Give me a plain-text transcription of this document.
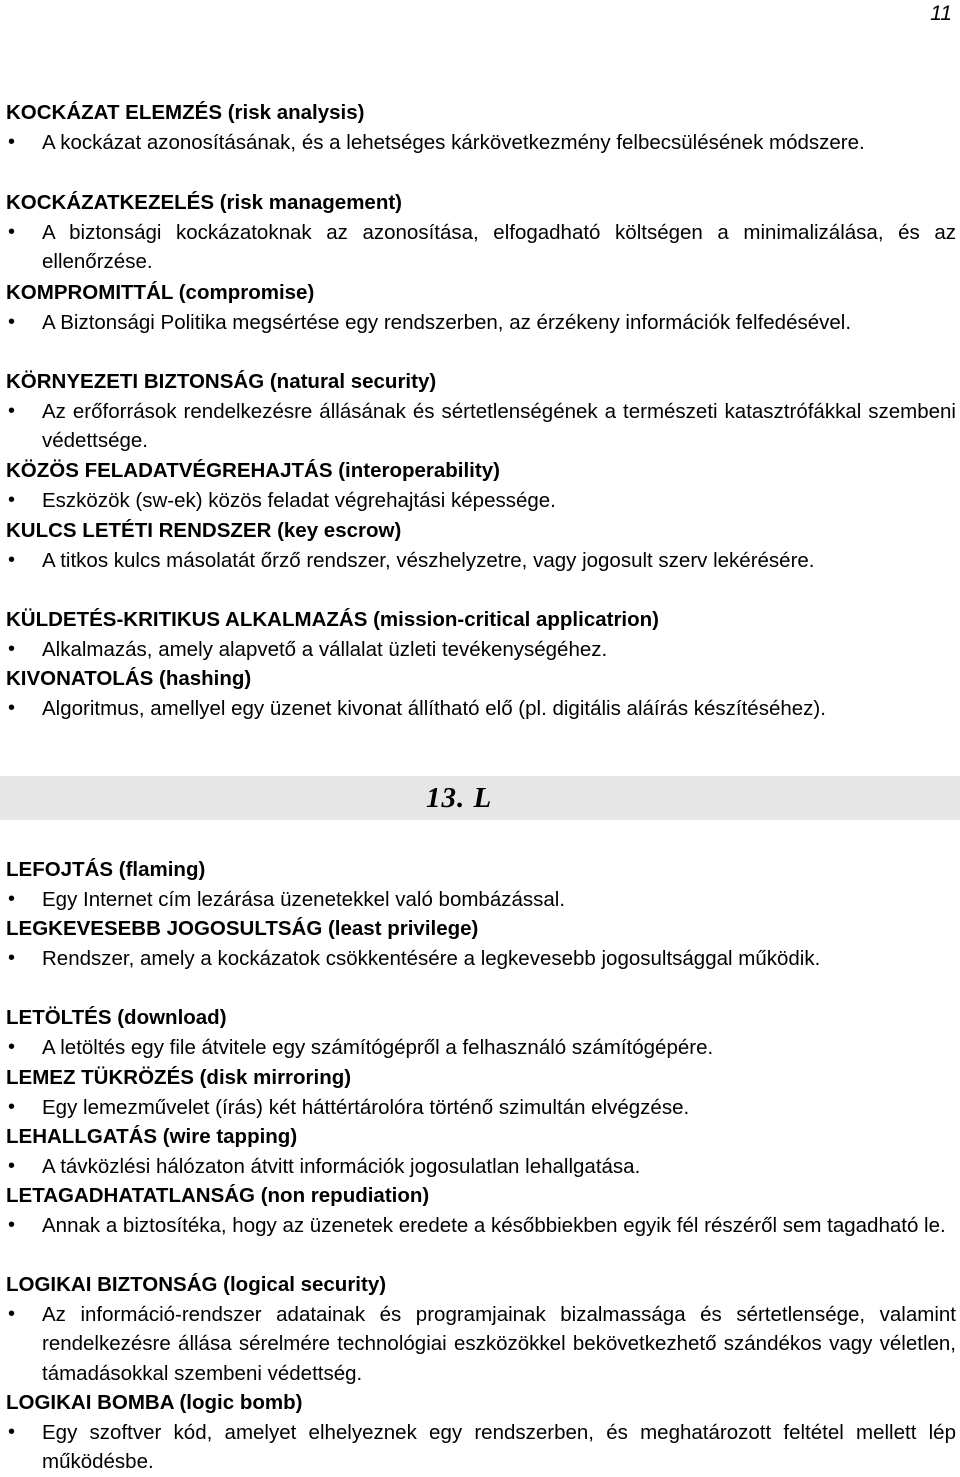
11
KOCKÁZAT ELEMZÉS (risk analysis)
• A kockázat azonosításának, és a lehetséges kárkövetkezmény felbecsülésének módszere.
KOCKÁZATKEZELÉS (risk management)
• A biztonsági kockázatoknak az azonosítása, elfogadható költségen a minimalizálása, és az ellenőrzése.
KOMPROMITTÁL (compromise)
• A Biztonsági Politika megsértése egy rendszerben, az érzékeny információk felfedésével.
KÖRNYEZETI BIZTONSÁG (natural security)
• Az erőforrások rendelkezésre állásának és sértetlenségének a természeti katasztrófákkal szembeni védettsége.
KÖZÖS FELADATVÉGREHAJTÁS (interoperability)
• Eszközök (sw-ek) közös feladat végrehajtási képessége.
KULCS LETÉTI RENDSZER (key escrow)
• A titkos kulcs másolatát őrző rendszer, vészhelyzetre, vagy jogosult szerv lekérésére.
KÜLDETÉS-KRITIKUS ALKALMAZÁS (mission-critical applicatrion)
• Alkalmazás, amely alapvető a vállalat üzleti tevékenységéhez.
KIVONATOLÁS (hashing)
• Algoritmus, amellyel egy üzenet kivonat állítható elő (pl. digitális aláírás készítéséhez).
13. L
LEFOJTÁS (flaming)
• Egy Internet cím lezárása üzenetekkel való bombázással.
LEGKEVESEBB JOGOSULTSÁG (least privilege)
• Rendszer, amely a kockázatok csökkentésére a legkevesebb jogosultsággal működik.
LETÖLTÉS (download)
• A letöltés egy file átvitele egy számítógépről a felhasználó számítógépére.
LEMEZ TÜKRÖZÉS (disk mirroring)
• Egy lemezművelet (írás) két háttértárolóra történő szimultán elvégzése.
LEHALLGATÁS (wire tapping)
• A távközlési hálózaton átvitt információk jogosulatlan lehallgatása.
LETAGADHATATLANSÁG (non repudiation)
• Annak a biztosítéka, hogy az üzenetek eredete a későbbiekben egyik fél részéről sem tagadható le.
LOGIKAI BIZTONSÁG (logical security)
• Az információ-rendszer adatainak és programjainak bizalmassága és sértetlensége, valamint rendelkezésre állása sérelmére technológiai eszközökkel bekövetkezhető szándékos vagy véletlen, támadásokkal szembeni védettség.
LOGIKAI BOMBA (logic bomb)
• Egy szoftver kód, amelyet elhelyeznek egy rendszerben, és meghatározott feltétel mellett lép működésbe.
